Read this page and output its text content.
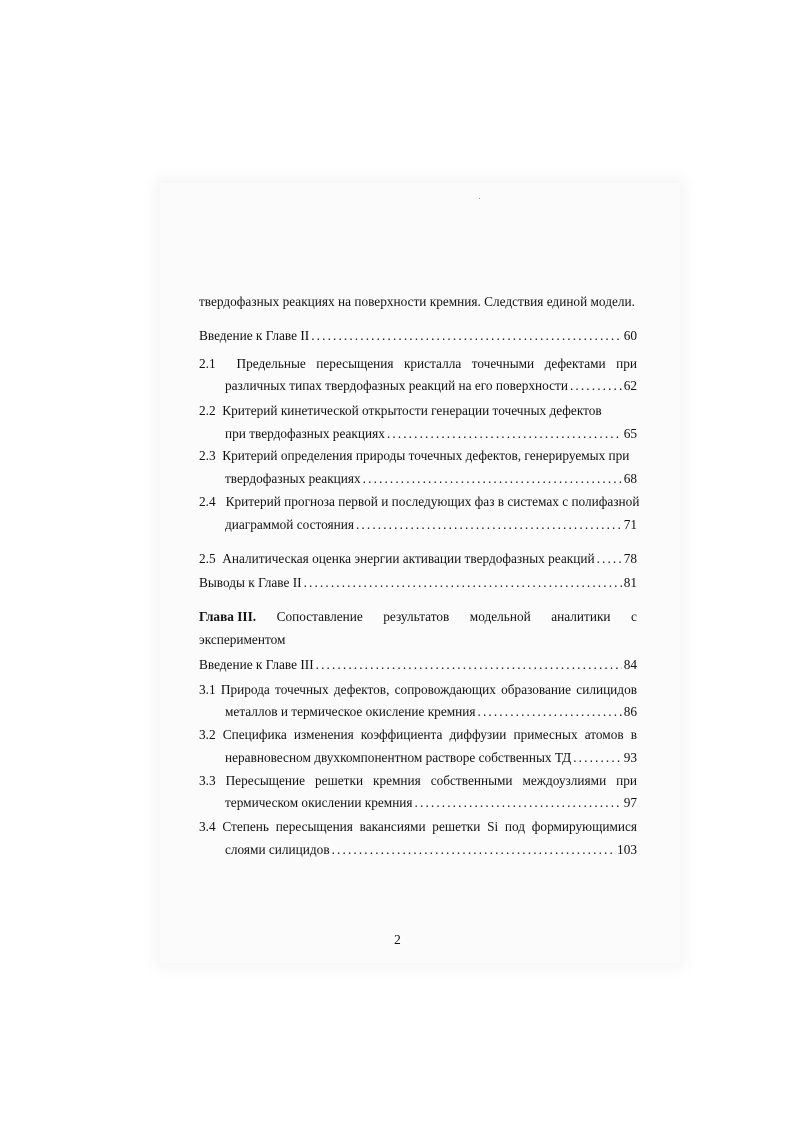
твердофазных реакциях на поверхности кремния. Следствия единой модели.
Введение к Главе II . . .	60
2.1 Предельные пересыщения кристалла точечными дефектами при
различных типах твердофазных реакций на его поверхности . . .	62
2.2 Критерий кинетической открытости генерации точечных дефектов
при твердофазных реакциях . . .	65
2.3 Критерий определения природы точечных дефектов, генерируемых при
твердофазных реакциях . . .	68
2.4 Критерий прогноза первой и последующих фаз в системах с полифазной
диаграммой состояния . . .	71
2.5 Аналитическая оценка энергии активации твердофазных реакций . . . 78
Выводы к Главе II . . .	81
Глава III. Сопоставление результатов модельной аналитики с
экспериментом
Введение к Главе III . . .	84
3.1 Природа точечных дефектов, сопровождающих образование силицидов
металлов и термическое окисление кремния . . .	86
3.2 Специфика изменения коэффициента диффузии примесных атомов в
неравновесном двухкомпонентном растворе собственных ТД . . .	93
3.3 Пересыщение решетки кремния собственными междоузлиями при
термическом окислении кремния . . .	97
3.4 Степень пересыщения вакансиями решетки Si под формирующимися
слоями силицидов . . .	103
2
